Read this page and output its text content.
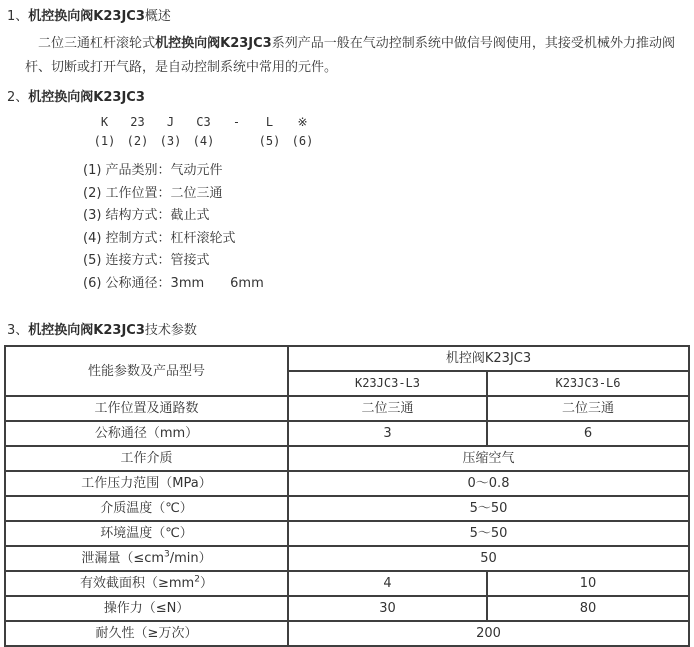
1、机控换向阀K23JC3概述
二位三通杠杆滚轮式机控换向阀K23JC3系列产品一般在气动控制系统中做信号阀使用，其接受机械外力推动阀杆、切断或打开气路，是自动控制系统中常用的元件。
2、机控换向阀K23JC3
K	23	J	C3	-	L	※
(1) (2) (3) (4)	(5) (6)
(1) 产品类别：气动元件
(2) 工作位置：二位三通
(3) 结构方式：截止式
(4) 控制方式：杠杆滚轮式
(5) 连接方式：管接式
(6) 公称通径：3mm　　6mm
3、机控换向阀K23JC3技术参数
性能参数及产品型号	机控阀K23JC3	
	K23JC3-L3	K23JC3-L6
工作位置及通路数	二位三通	二位三通
公称通径（mm）	3	6
工作介质	压缩空气	
工作压力范围（MPa）	0～0.8	
介质温度（℃）	5～50	
环境温度（℃）	5～50	
泄漏量$(\le cm^3/\min)$	50	
有效截面积$(\ge mm^2)$	4	10
操作力（≤N）	30	80
耐久性（≥万次）	200	
